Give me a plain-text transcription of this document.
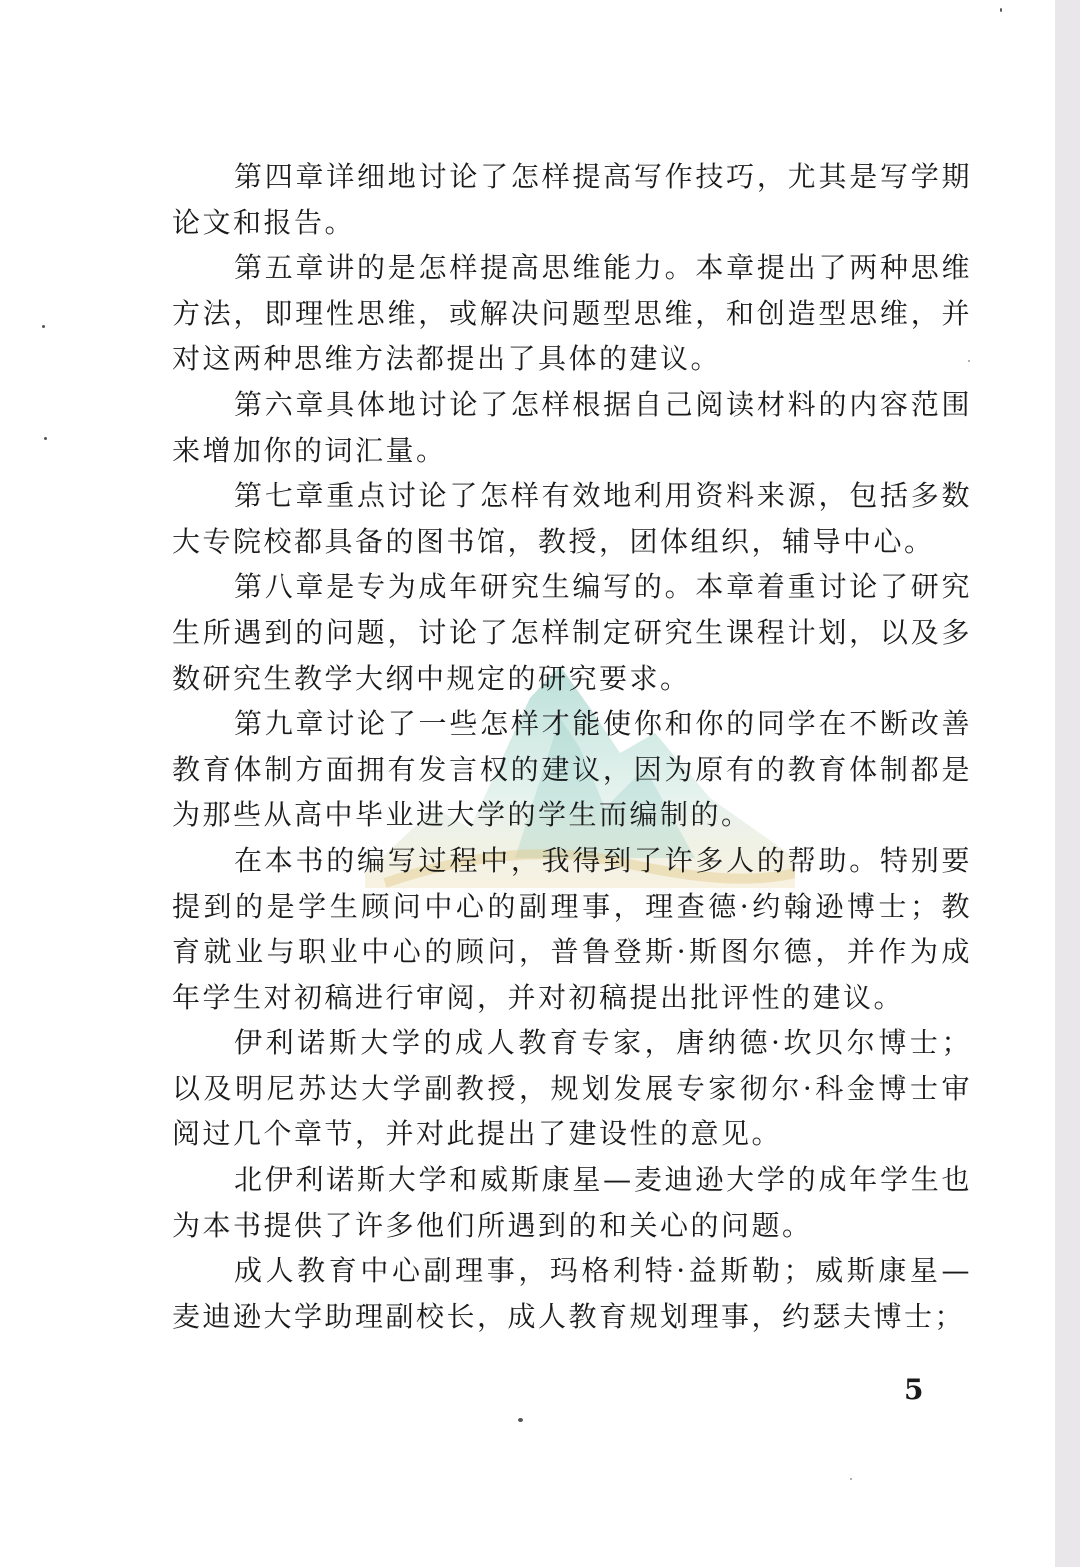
第四章详细地讨论了怎样提高写作技巧，尤其是写学期论文和报告。

第五章讲的是怎样提高思维能力。本章提出了两种思维方法，即理性思维，或解决问题型思维，和创造型思维，并对这两种思维方法都提出了具体的建议。

第六章具体地讨论了怎样根据自己阅读材料的内容范围来增加你的词汇量。

第七章重点讨论了怎样有效地利用资料来源，包括多数大专院校都具备的图书馆，教授，团体组织，辅导中心。

第八章是专为成年研究生编写的。本章着重讨论了研究生所遇到的问题，讨论了怎样制定研究生课程计划，以及多数研究生教学大纲中规定的研究要求。

第九章讨论了一些怎样才能使你和你的同学在不断改善教育体制方面拥有发言权的建议，因为原有的教育体制都是为那些从高中毕业进大学的学生而编制的。

在本书的编写过程中，我得到了许多人的帮助。特别要提到的是学生顾问中心的副理事，理查德·约翰逊博士；教育就业与职业中心的顾问，普鲁登斯·斯图尔德，并作为成年学生对初稿进行审阅，并对初稿提出批评性的建议。

伊利诺斯大学的成人教育专家，唐纳德·坎贝尔博士；以及明尼苏达大学副教授，规划发展专家彻尔·科金博士审阅过几个章节，并对此提出了建设性的意见。

北伊利诺斯大学和威斯康星—麦迪逊大学的成年学生也为本书提供了许多他们所遇到的和关心的问题。

成人教育中心副理事，玛格利特·益斯勒；威斯康星—麦迪逊大学助理副校长，成人教育规划理事，约瑟夫博士；

5
